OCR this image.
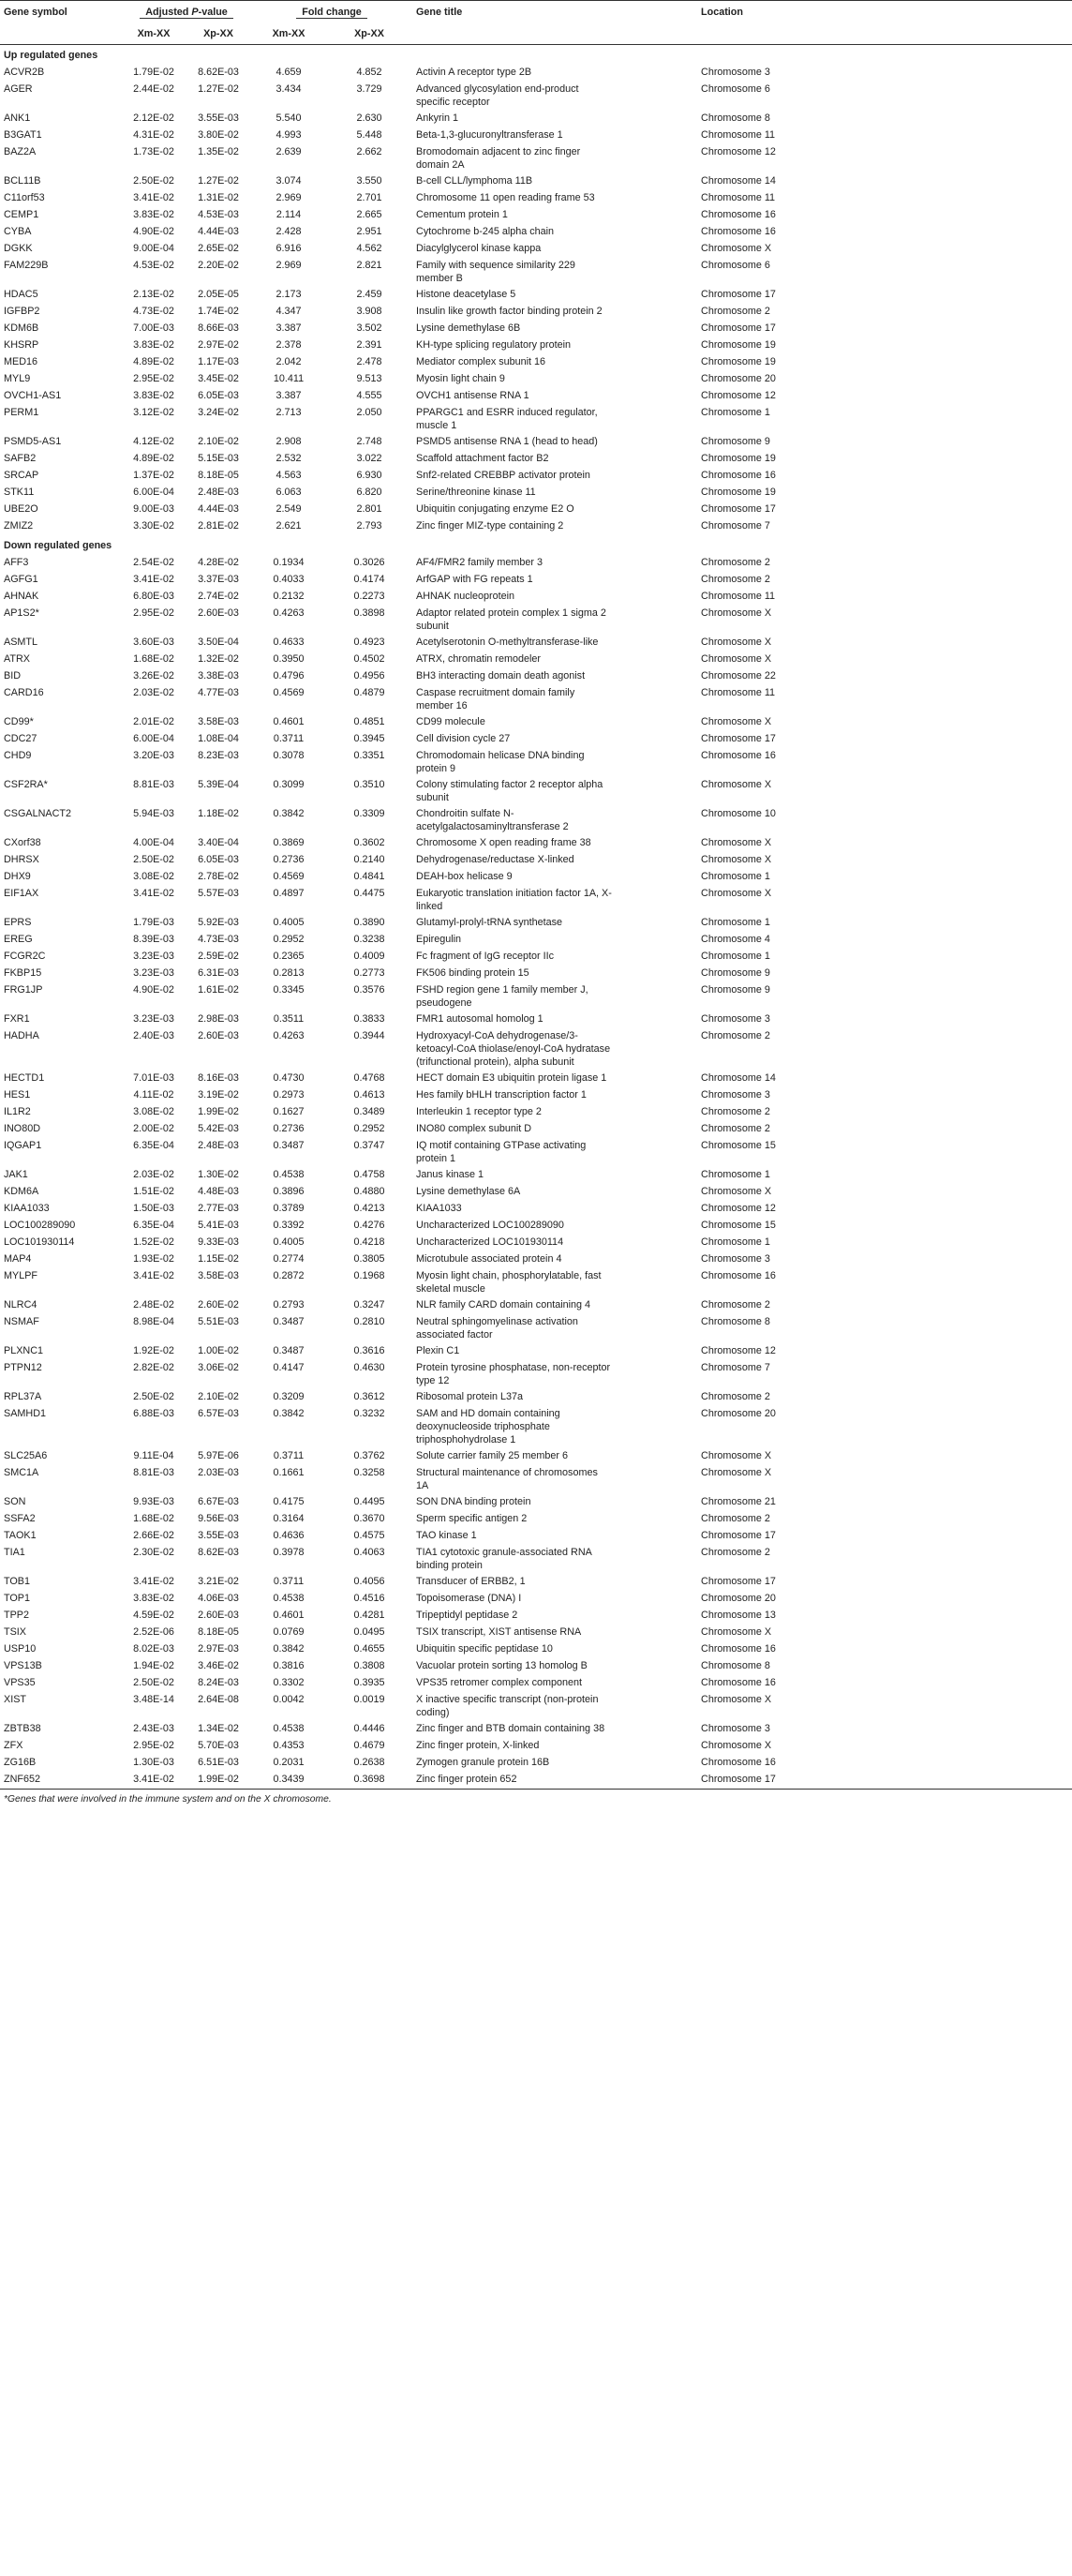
Gene symbol	Adjusted P-value		Fold change		Gene title		Location
	Xm-XX	Xp-XX	Xm-XX	Xp-XX			
Up regulated genes							
ACVR2B	1.79E-02	8.62E-03	4.659	4.852	Activin A receptor type 2B		Chromosome 3
AGER	2.44E-02	1.27E-02	3.434	3.729	Advanced glycosylation end-product specific receptor		Chromosome 6
ANK1	2.12E-02	3.55E-03	5.540	2.630	Ankyrin 1		Chromosome 8
B3GAT1	4.31E-02	3.80E-02	4.993	5.448	Beta-1,3-glucuronyltransferase 1		Chromosome 11
BAZ2A	1.73E-02	1.35E-02	2.639	2.662	Bromodomain adjacent to zinc finger domain 2A		Chromosome 12
BCL11B	2.50E-02	1.27E-02	3.074	3.550	B-cell CLL/lymphoma 11B		Chromosome 14
C11orf53	3.41E-02	1.31E-02	2.969	2.701	Chromosome 11 open reading frame 53		Chromosome 11
CEMP1	3.83E-02	4.53E-03	2.114	2.665	Cementum protein 1		Chromosome 16
CYBA	4.90E-02	4.44E-03	2.428	2.951	Cytochrome b-245 alpha chain		Chromosome 16
DGKK	9.00E-04	2.65E-02	6.916	4.562	Diacylglycerol kinase kappa		Chromosome X
FAM229B	4.53E-02	2.20E-02	2.969	2.821	Family with sequence similarity 229 member B		Chromosome 6
HDAC5	2.13E-02	2.05E-05	2.173	2.459	Histone deacetylase 5		Chromosome 17
IGFBP2	4.73E-02	1.74E-02	4.347	3.908	Insulin like growth factor binding protein 2		Chromosome 2
KDM6B	7.00E-03	8.66E-03	3.387	3.502	Lysine demethylase 6B		Chromosome 17
KHSRP	3.83E-02	2.97E-02	2.378	2.391	KH-type splicing regulatory protein		Chromosome 19
MED16	4.89E-02	1.17E-03	2.042	2.478	Mediator complex subunit 16		Chromosome 19
MYL9	2.95E-02	3.45E-02	10.411	9.513	Myosin light chain 9		Chromosome 20
OVCH1-AS1	3.83E-02	6.05E-03	3.387	4.555	OVCH1 antisense RNA 1		Chromosome 12
PERM1	3.12E-02	3.24E-02	2.713	2.050	PPARGC1 and ESRR induced regulator, muscle 1		Chromosome 1
PSMD5-AS1	4.12E-02	2.10E-02	2.908	2.748	PSMD5 antisense RNA 1 (head to head)		Chromosome 9
SAFB2	4.89E-02	5.15E-03	2.532	3.022	Scaffold attachment factor B2		Chromosome 19
SRCAP	1.37E-02	8.18E-05	4.563	6.930	Snf2-related CREBBP activator protein		Chromosome 16
STK11	6.00E-04	2.48E-03	6.063	6.820	Serine/threonine kinase 11		Chromosome 19
UBE2O	9.00E-03	4.44E-03	2.549	2.801	Ubiquitin conjugating enzyme E2 O		Chromosome 17
ZMIZ2	3.30E-02	2.81E-02	2.621	2.793	Zinc finger MIZ-type containing 2		Chromosome 7
Down regulated genes							
AFF3	2.54E-02	4.28E-02	0.1934	0.3026	AF4/FMR2 family member 3		Chromosome 2
AGFG1	3.41E-02	3.37E-03	0.4033	0.4174	ArfGAP with FG repeats 1		Chromosome 2
AHNAK	6.80E-03	2.74E-02	0.2132	0.2273	AHNAK nucleoprotein		Chromosome 11
AP1S2*	2.95E-02	2.60E-03	0.4263	0.3898	Adaptor related protein complex 1 sigma 2 subunit		Chromosome X
ASMTL	3.60E-03	3.50E-04	0.4633	0.4923	Acetylserotonin O-methyltransferase-like		Chromosome X
ATRX	1.68E-02	1.32E-02	0.3950	0.4502	ATRX, chromatin remodeler		Chromosome X
BID	3.26E-02	3.38E-03	0.4796	0.4956	BH3 interacting domain death agonist		Chromosome 22
CARD16	2.03E-02	4.77E-03	0.4569	0.4879	Caspase recruitment domain family member 16		Chromosome 11
CD99*	2.01E-02	3.58E-03	0.4601	0.4851	CD99 molecule		Chromosome X
CDC27	6.00E-04	1.08E-04	0.3711	0.3945	Cell division cycle 27		Chromosome 17
CHD9	3.20E-03	8.23E-03	0.3078	0.3351	Chromodomain helicase DNA binding protein 9		Chromosome 16
CSF2RA*	8.81E-03	5.39E-04	0.3099	0.3510	Colony stimulating factor 2 receptor alpha subunit		Chromosome X
CSGALNACT2	5.94E-03	1.18E-02	0.3842	0.3309	Chondroitin sulfate N-acetylgalactosaminyltransferase 2		Chromosome 10
CXorf38	4.00E-04	3.40E-04	0.3869	0.3602	Chromosome X open reading frame 38		Chromosome X
DHRSX	2.50E-02	6.05E-03	0.2736	0.2140	Dehydrogenase/reductase X-linked		Chromosome X
DHX9	3.08E-02	2.78E-02	0.4569	0.4841	DEAH-box helicase 9		Chromosome 1
EIF1AX	3.41E-02	5.57E-03	0.4897	0.4475	Eukaryotic translation initiation factor 1A, X-linked		Chromosome X
EPRS	1.79E-03	5.92E-03	0.4005	0.3890	Glutamyl-prolyl-tRNA synthetase		Chromosome 1
EREG	8.39E-03	4.73E-03	0.2952	0.3238	Epiregulin		Chromosome 4
FCGR2C	3.23E-03	2.59E-02	0.2365	0.4009	Fc fragment of IgG receptor IIc		Chromosome 1
FKBP15	3.23E-03	6.31E-03	0.2813	0.2773	FK506 binding protein 15		Chromosome 9
FRG1JP	4.90E-02	1.61E-02	0.3345	0.3576	FSHD region gene 1 family member J, pseudogene		Chromosome 9
FXR1	3.23E-03	2.98E-03	0.3511	0.3833	FMR1 autosomal homolog 1		Chromosome 3
HADHA	2.40E-03	2.60E-03	0.4263	0.3944	Hydroxyacyl-CoA dehydrogenase/3-ketoacyl-CoA thiolase/enoyl-CoA hydratase (trifunctional protein), alpha subunit		Chromosome 2
HECTD1	7.01E-03	8.16E-03	0.4730	0.4768	HECT domain E3 ubiquitin protein ligase 1		Chromosome 14
HES1	4.11E-02	3.19E-02	0.2973	0.4613	Hes family bHLH transcription factor 1		Chromosome 3
IL1R2	3.08E-02	1.99E-02	0.1627	0.3489	Interleukin 1 receptor type 2		Chromosome 2
INO80D	2.00E-02	5.42E-03	0.2736	0.2952	INO80 complex subunit D		Chromosome 2
IQGAP1	6.35E-04	2.48E-03	0.3487	0.3747	IQ motif containing GTPase activating protein 1		Chromosome 15
JAK1	2.03E-02	1.30E-02	0.4538	0.4758	Janus kinase 1		Chromosome 1
KDM6A	1.51E-02	4.48E-03	0.3896	0.4880	Lysine demethylase 6A		Chromosome X
KIAA1033	1.50E-03	2.77E-03	0.3789	0.4213	KIAA1033		Chromosome 12
LOC100289090	6.35E-04	5.41E-03	0.3392	0.4276	Uncharacterized LOC100289090		Chromosome 15
LOC101930114	1.52E-02	9.33E-03	0.4005	0.4218	Uncharacterized LOC101930114		Chromosome 1
MAP4	1.93E-02	1.15E-02	0.2774	0.3805	Microtubule associated protein 4		Chromosome 3
MYLPF	3.41E-02	3.58E-03	0.2872	0.1968	Myosin light chain, phosphorylatable, fast skeletal muscle		Chromosome 16
NLRC4	2.48E-02	2.60E-02	0.2793	0.3247	NLR family CARD domain containing 4		Chromosome 2
NSMAF	8.98E-04	5.51E-03	0.3487	0.2810	Neutral sphingomyelinase activation associated factor		Chromosome 8
PLXNC1	1.92E-02	1.00E-02	0.3487	0.3616	Plexin C1		Chromosome 12
PTPN12	2.82E-02	3.06E-02	0.4147	0.4630	Protein tyrosine phosphatase, non-receptor type 12		Chromosome 7
RPL37A	2.50E-02	2.10E-02	0.3209	0.3612	Ribosomal protein L37a		Chromosome 2
SAMHD1	6.88E-03	6.57E-03	0.3842	0.3232	SAM and HD domain containing deoxynucleoside triphosphate triphosphohydrolase 1		Chromosome 20
SLC25A6	9.11E-04	5.97E-06	0.3711	0.3762	Solute carrier family 25 member 6		Chromosome X
SMC1A	8.81E-03	2.03E-03	0.1661	0.3258	Structural maintenance of chromosomes 1A		Chromosome X
SON	9.93E-03	6.67E-03	0.4175	0.4495	SON DNA binding protein		Chromosome 21
SSFA2	1.68E-02	9.56E-03	0.3164	0.3670	Sperm specific antigen 2		Chromosome 2
TAOK1	2.66E-02	3.55E-03	0.4636	0.4575	TAO kinase 1		Chromosome 17
TIA1	2.30E-02	8.62E-03	0.3978	0.4063	TIA1 cytotoxic granule-associated RNA binding protein		Chromosome 2
TOB1	3.41E-02	3.21E-02	0.3711	0.4056	Transducer of ERBB2, 1		Chromosome 17
TOP1	3.83E-02	4.06E-03	0.4538	0.4516	Topoisomerase (DNA) I		Chromosome 20
TPP2	4.59E-02	2.60E-03	0.4601	0.4281	Tripeptidyl peptidase 2		Chromosome 13
TSIX	2.52E-06	8.18E-05	0.0769	0.0495	TSIX transcript, XIST antisense RNA		Chromosome X
USP10	8.02E-03	2.97E-03	0.3842	0.4655	Ubiquitin specific peptidase 10		Chromosome 16
VPS13B	1.94E-02	3.46E-02	0.3816	0.3808	Vacuolar protein sorting 13 homolog B		Chromosome 8
VPS35	2.50E-02	8.24E-03	0.3302	0.3935	VPS35 retromer complex component		Chromosome 16
XIST	3.48E-14	2.64E-08	0.0042	0.0019	X inactive specific transcript (non-protein coding)		Chromosome X
ZBTB38	2.43E-03	1.34E-02	0.4538	0.4446	Zinc finger and BTB domain containing 38		Chromosome 3
ZFX	2.95E-02	5.70E-03	0.4353	0.4679	Zinc finger protein, X-linked		Chromosome X
ZG16B	1.30E-03	6.51E-03	0.2031	0.2638	Zymogen granule protein 16B		Chromosome 16
ZNF652	3.41E-02	1.99E-02	0.3439	0.3698	Zinc finger protein 652		Chromosome 17
*Genes that were involved in the immune system and on the X chromosome.
